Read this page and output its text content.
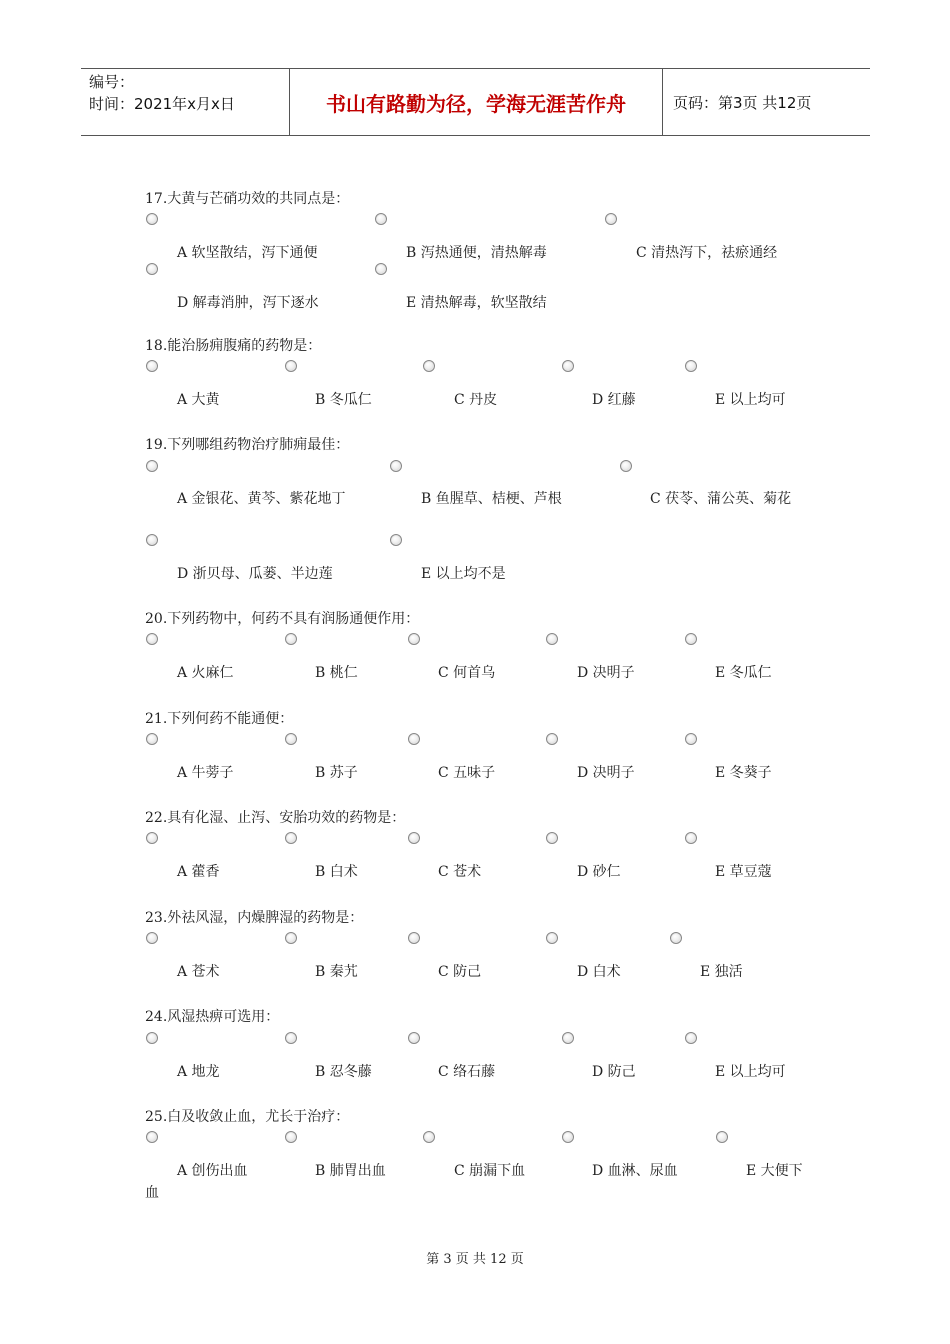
编号：
时间：2021年x月x日	书山有路勤为径，学海无涯苦作舟	页码：第3页 共12页
17.大黄与芒硝功效的共同点是：
A 软坚散结，泻下通便	B 泻热通便，清热解毒	C 清热泻下，祛瘀通经
D 解毒消肿，泻下逐水	E 清热解毒，软坚散结
18.能治肠痈腹痛的药物是：
A 大黄	B 冬瓜仁	C 丹皮	D 红藤	E 以上均可
19.下列哪组药物治疗肺痈最佳：
A 金银花、黄芩、紫花地丁	B 鱼腥草、桔梗、芦根	C 茯苓、蒲公英、菊花
D 浙贝母、瓜蒌、半边莲	E 以上均不是
20.下列药物中，何药不具有润肠通便作用：
A 火麻仁	B 桃仁	C 何首乌	D 决明子	E 冬瓜仁
21.下列何药不能通便：
A 牛蒡子	B 苏子	C 五味子	D 决明子	E 冬葵子
22.具有化湿、止泻、安胎功效的药物是：
A 藿香	B 白术	C 苍术	D 砂仁	E 草豆蔻
23.外祛风湿，内燥脾湿的药物是：
A 苍术	B 秦艽	C 防己	D 白术	E 独活
24.风湿热痹可选用：
A 地龙	B 忍冬藤	C 络石藤	D 防己	E 以上均可
25.白及收敛止血，尤长于治疗：
A 创伤出血	B 肺胃出血	C 崩漏下血	D 血淋、尿血	E 大便下
血
第 3 页 共 12 页
